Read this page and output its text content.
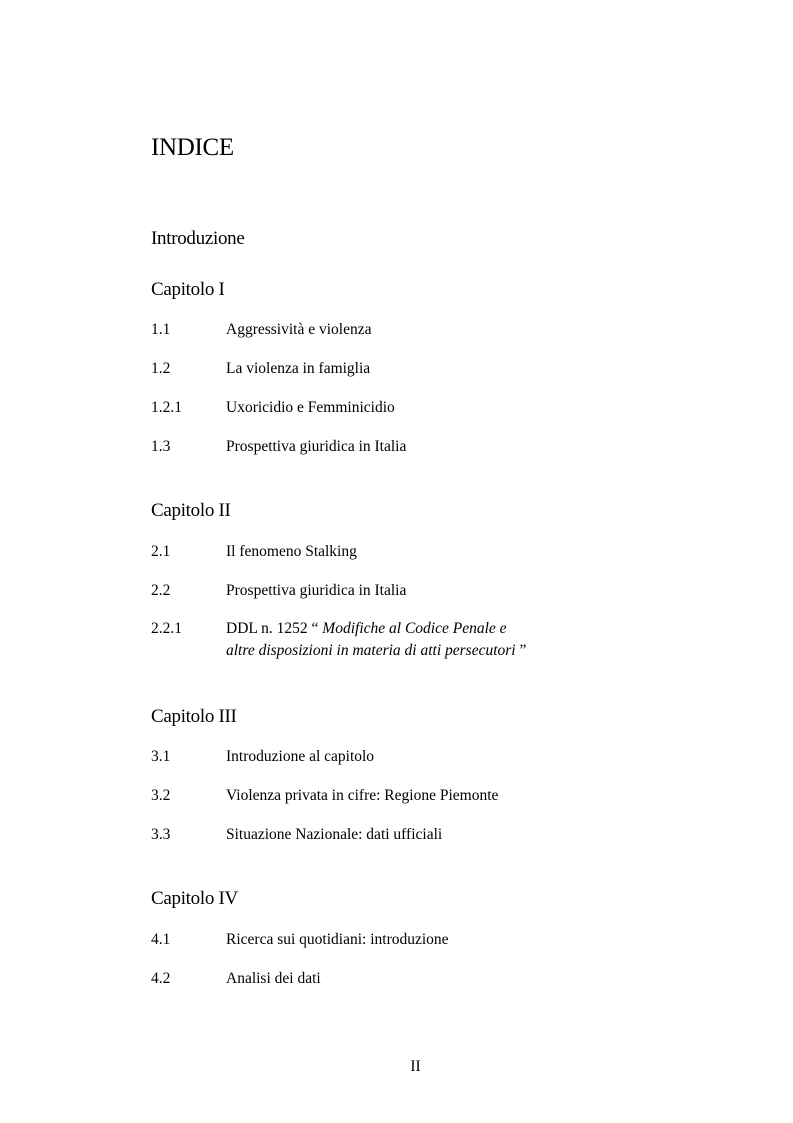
INDICE
Introduzione
Capitolo I
1.1	Aggressività e violenza
1.2	La violenza in famiglia
1.2.1	Uxoricidio e Femminicidio
1.3	Prospettiva giuridica in Italia
Capitolo II
2.1	Il fenomeno Stalking
2.2	Prospettiva giuridica in Italia
2.2.1	DDL n. 1252 “ Modifiche al Codice Penale e
altre disposizioni in materia di atti persecutori ”
Capitolo III
3.1	Introduzione al capitolo
3.2	Violenza privata in cifre: Regione Piemonte
3.3	Situazione Nazionale: dati ufficiali
Capitolo IV
4.1	Ricerca sui quotidiani: introduzione
4.2	Analisi dei dati
II
